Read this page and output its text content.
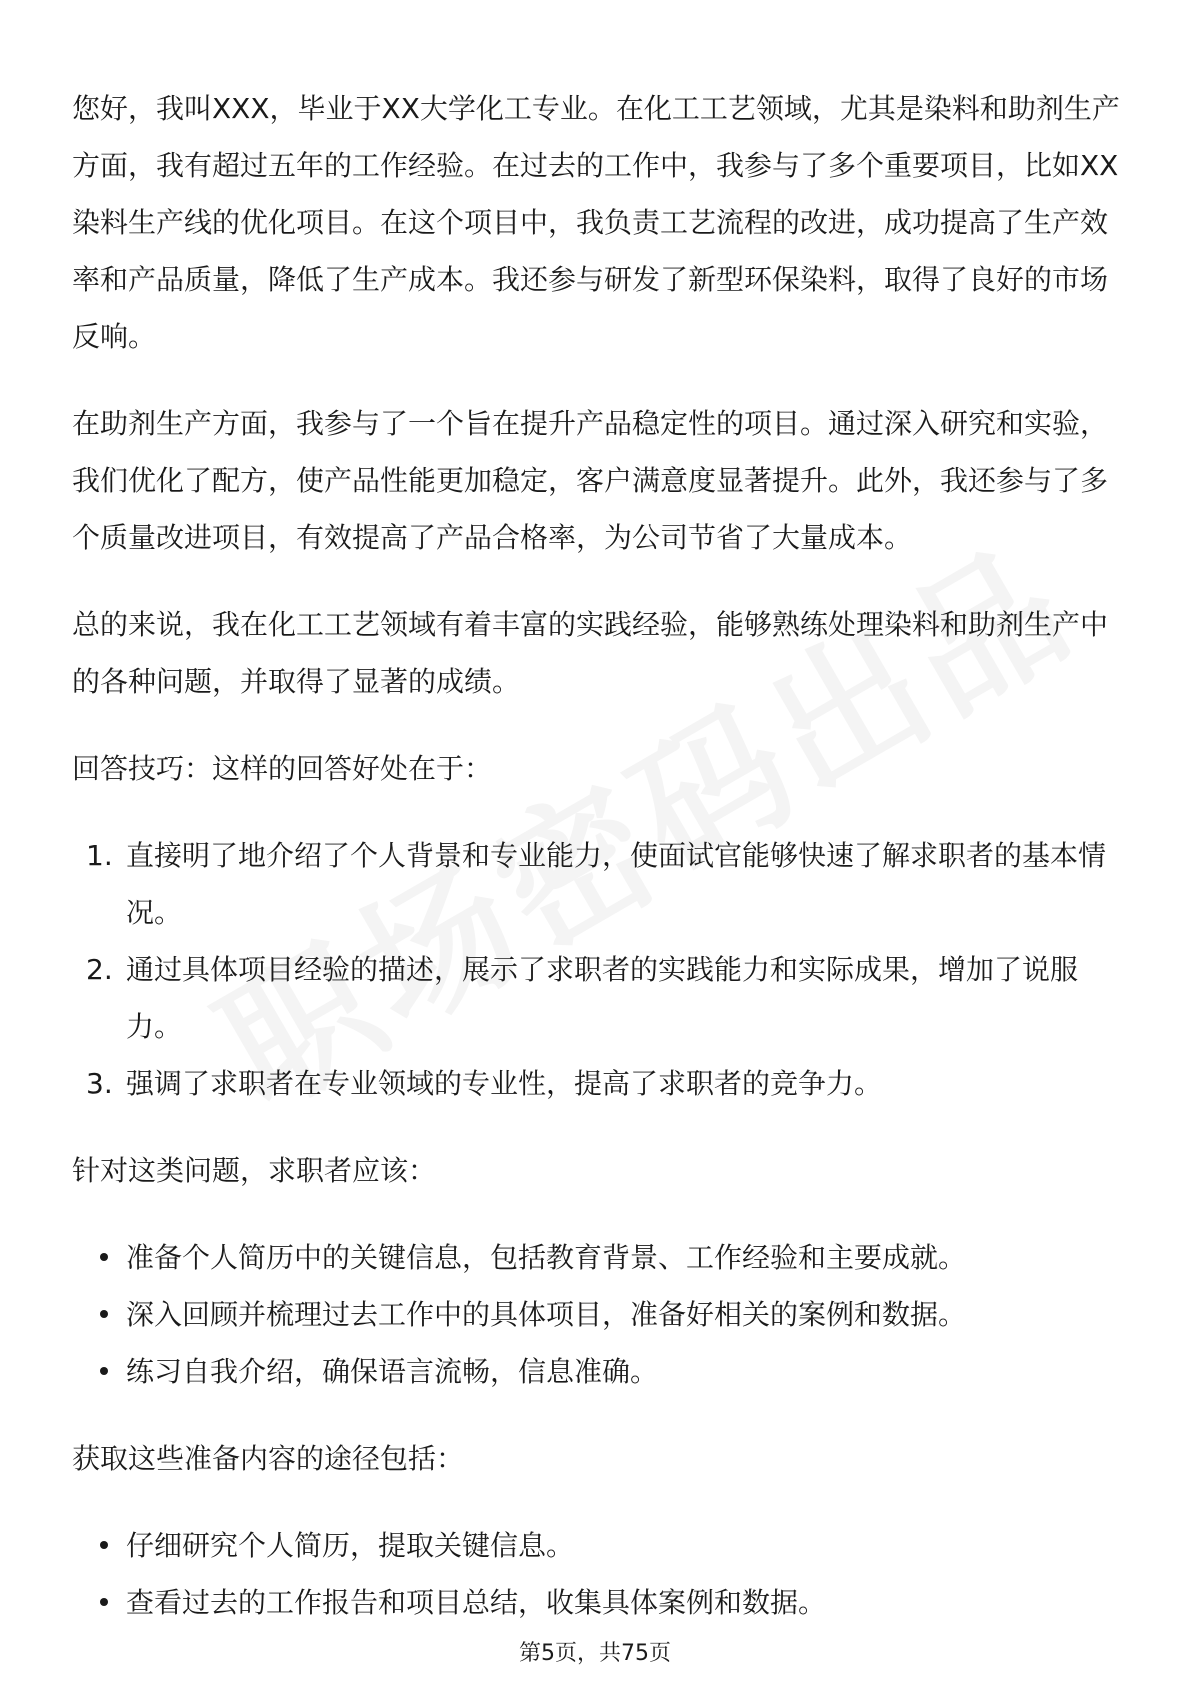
您好，我叫XXX，毕业于XX大学化工专业。在化工工艺领域，尤其是染料和助剂生产方面，我有超过五年的工作经验。在过去的工作中，我参与了多个重要项目，比如XX染料生产线的优化项目。在这个项目中，我负责工艺流程的改进，成功提高了生产效率和产品质量，降低了生产成本。我还参与研发了新型环保染料，取得了良好的市场反响。

在助剂生产方面，我参与了一个旨在提升产品稳定性的项目。通过深入研究和实验，我们优化了配方，使产品性能更加稳定，客户满意度显著提升。此外，我还参与了多个质量改进项目，有效提高了产品合格率，为公司节省了大量成本。

总的来说，我在化工工艺领域有着丰富的实践经验，能够熟练处理染料和助剂生产中的各种问题，并取得了显著的成绩。

回答技巧：这样的回答好处在于：

1. 直接明了地介绍了个人背景和专业能力，使面试官能够快速了解求职者的基本情况。
2. 通过具体项目经验的描述，展示了求职者的实践能力和实际成果，增加了说服力。
3. 强调了求职者在专业领域的专业性，提高了求职者的竞争力。

针对这类问题，求职者应该：

准备个人简历中的关键信息，包括教育背景、工作经验和主要成就。
深入回顾并梳理过去工作中的具体项目，准备好相关的案例和数据。
练习自我介绍，确保语言流畅，信息准确。

获取这些准备内容的途径包括：

仔细研究个人简历，提取关键信息。
查看过去的工作报告和项目总结，收集具体案例和数据。
第5页，共75页
